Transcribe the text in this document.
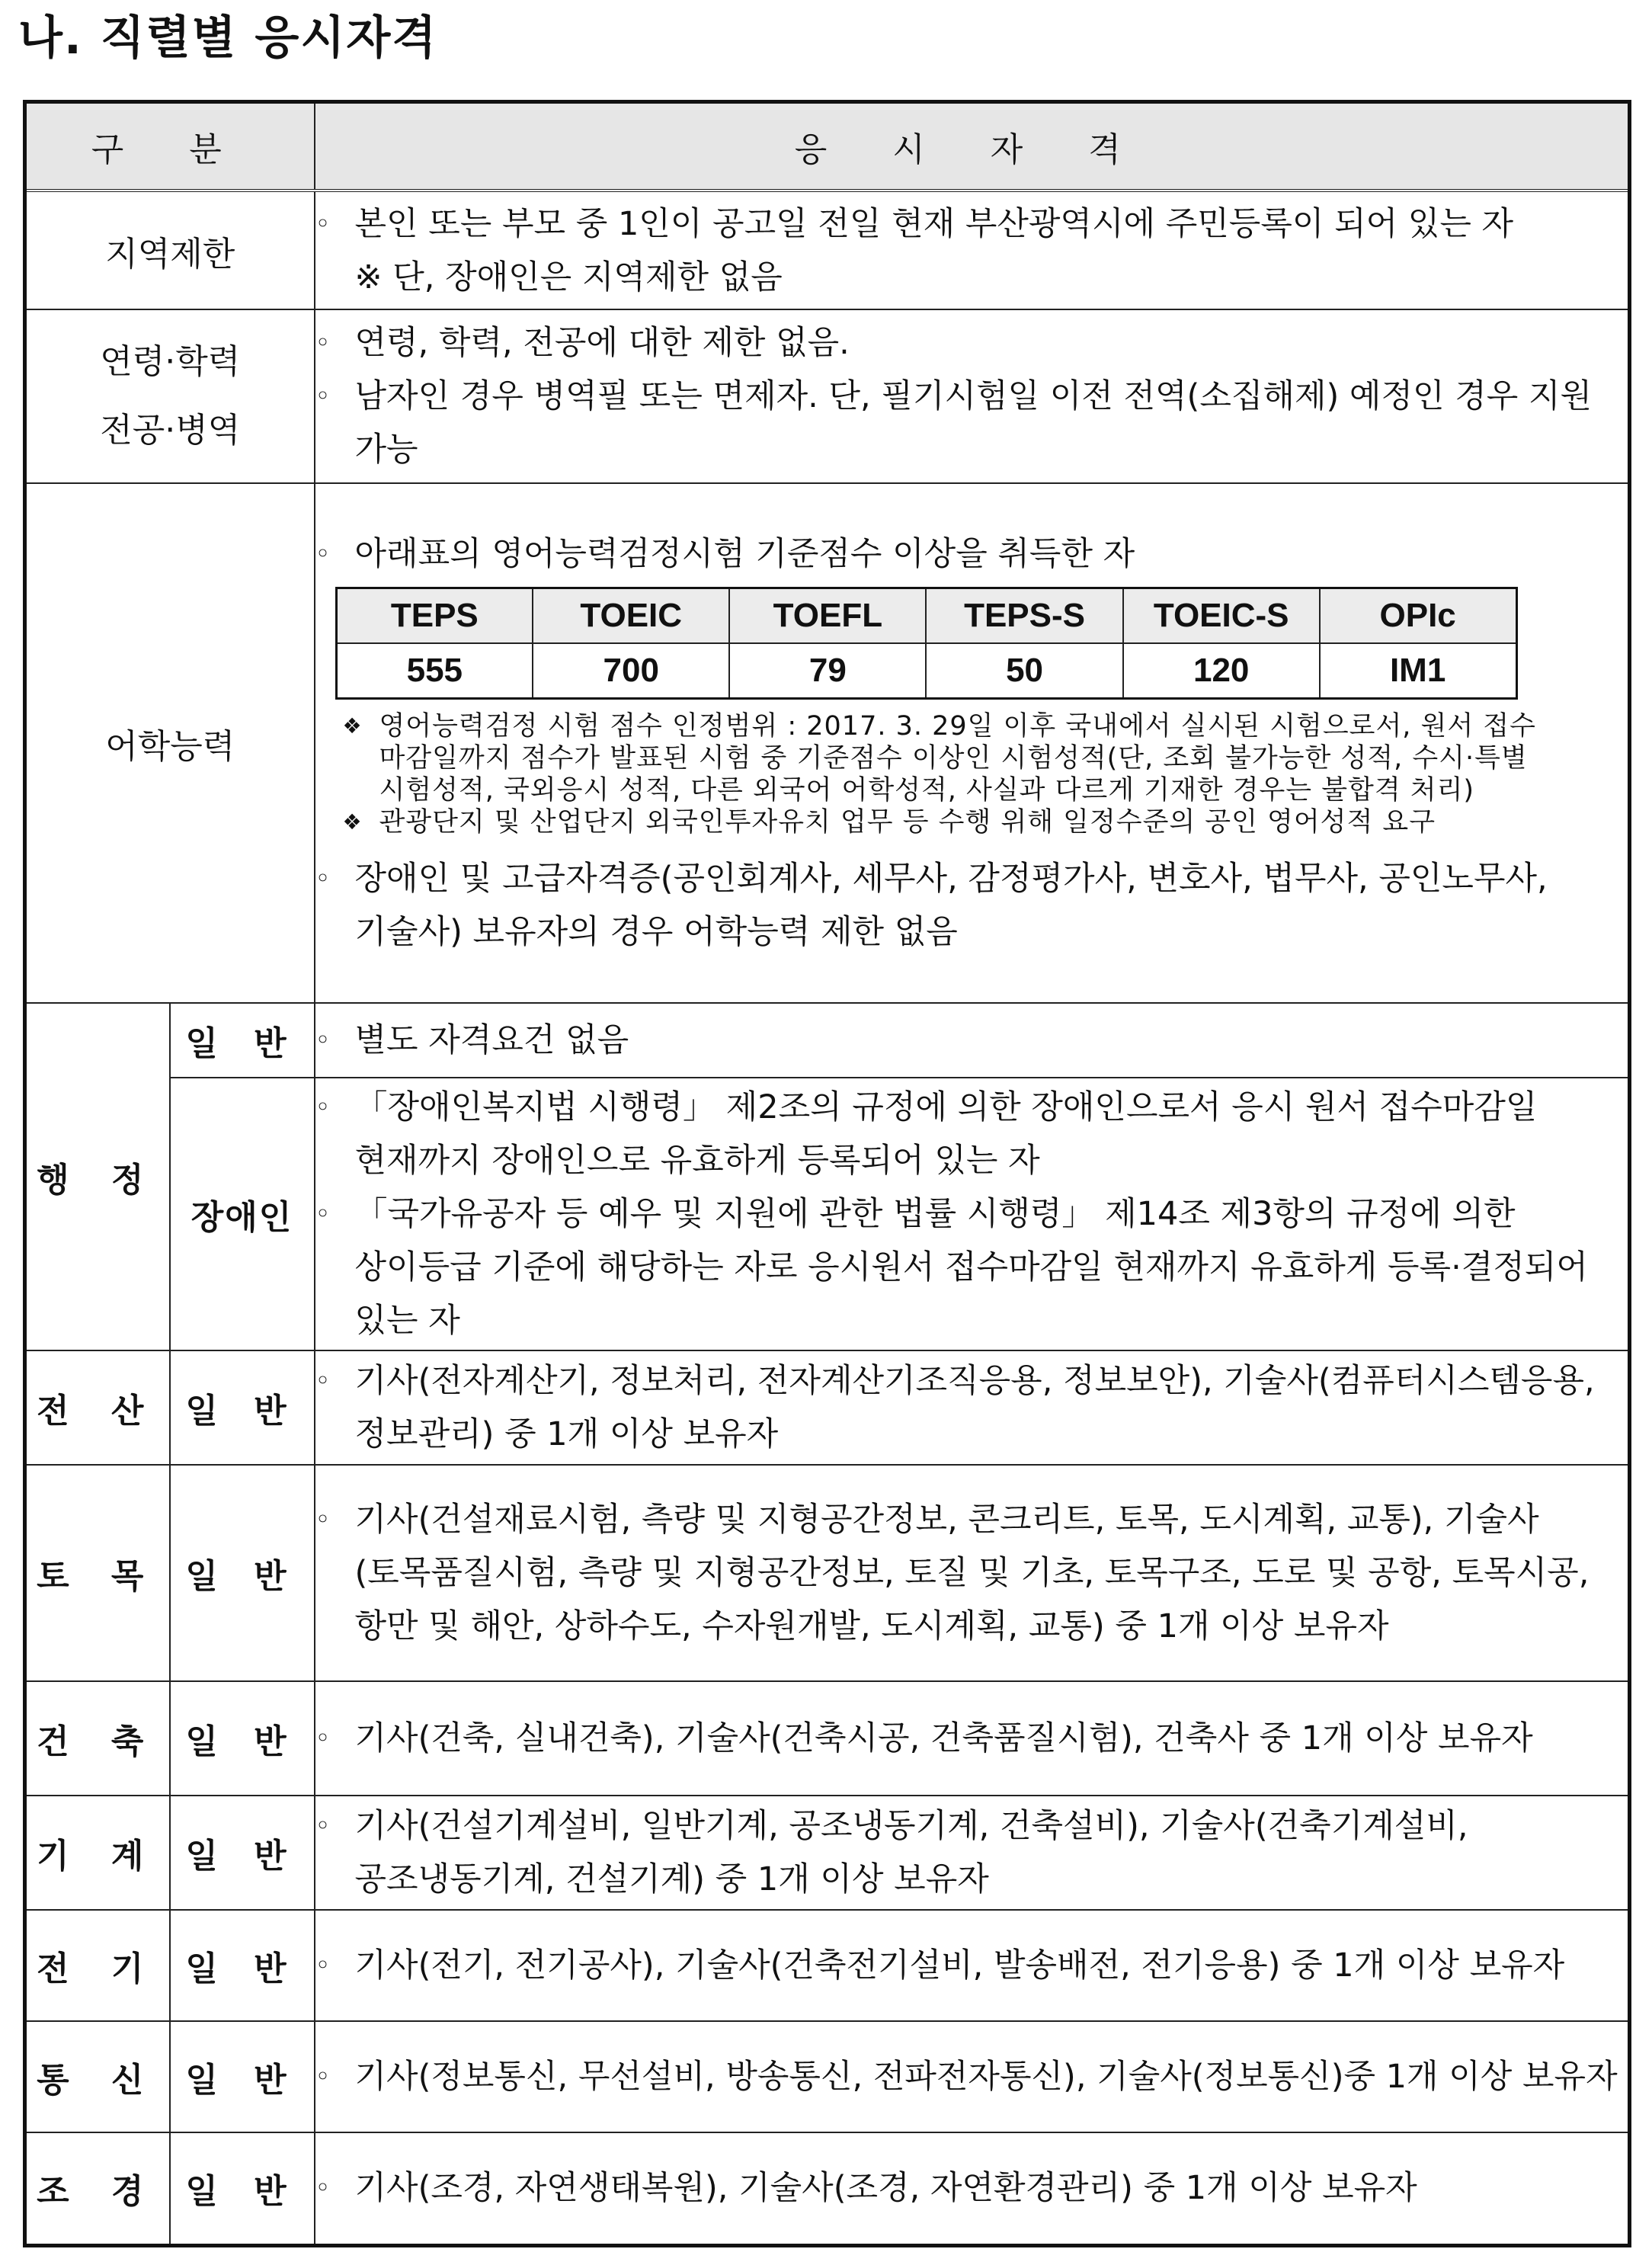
나. 직렬별 응시자격
구 분	응 시 자 격
지역제한	
◦ 본인 또는 부모 중 1인이 공고일 전일 현재 부산광역시에 주민등록이 되어 있는 자
※ 단, 장애인은 지역제한 없음

연령·학력
전공·병역

◦ 연령, 학력, 전공에 대한 제한 없음.
◦ 남자인 경우 병역필 또는 면제자. 단, 필기시험일 이전 전역(소집해제) 예정인 경우 지원 가능

어학능력	
◦ 아래표의 영어능력검정시험 기준점수 이상을 취득한 자
TEPS	TOEIC	TOEFL	TEPS-S	TOEIC-S	OPIc
555	700	79	50	120	IM1
❖ 영어능력검정 시험 점수 인정범위 : 2017. 3. 29일 이후 국내에서 실시된 시험으로서, 원서 접수 마감일까지 점수가 발표된 시험 중 기준점수 이상인 시험성적(단, 조회 불가능한 성적, 수시·특별 시험성적, 국외응시 성적, 다른 외국어 어학성적, 사실과 다르게 기재한 경우는 불합격 처리)
❖ 관광단지 및 산업단지 외국인투자유치 업무 등 수행 위해 일정수준의 공인 영어성적 요구
◦ 장애인 및 고급자격증(공인회계사, 세무사, 감정평가사, 변호사, 법무사, 공인노무사, 기술사) 보유자의 경우 어학능력 제한 없음

행 정	일 반	◦ 별도 자격요건 없음

장애인	
◦ 「장애인복지법 시행령」 제2조의 규정에 의한 장애인으로서 응시 원서 접수마감일 현재까지 장애인으로 유효하게 등록되어 있는 자
◦ 「국가유공자 등 예우 및 지원에 관한 법률 시행령」 제14조 제3항의 규정에 의한 상이등급 기준에 해당하는 자로 응시원서 접수마감일 현재까지 유효하게 등록·결정되어 있는 자

전 산	일 반	
◦ 기사(전자계산기, 정보처리, 전자계산기조직응용, 정보보안), 기술사(컴퓨터시스템응용, 정보관리) 중 1개 이상 보유자

토 목	일 반	
◦ 기사(건설재료시험, 측량 및 지형공간정보, 콘크리트, 토목, 도시계획, 교통), 기술사(토목품질시험, 측량 및 지형공간정보, 토질 및 기초, 토목구조, 도로 및 공항, 토목시공, 항만 및 해안, 상하수도, 수자원개발, 도시계획, 교통) 중 1개 이상 보유자

건 축	일 반	◦ 기사(건축, 실내건축), 기술사(건축시공, 건축품질시험), 건축사 중 1개 이상 보유자

기 계	일 반	
◦ 기사(건설기계설비, 일반기계, 공조냉동기계, 건축설비), 기술사(건축기계설비, 공조냉동기계, 건설기계) 중 1개 이상 보유자

전 기	일 반	◦ 기사(전기, 전기공사), 기술사(건축전기설비, 발송배전, 전기응용) 중 1개 이상 보유자

통 신	일 반	◦ 기사(정보통신, 무선설비, 방송통신, 전파전자통신), 기술사(정보통신)중 1개 이상 보유자

조 경	일 반	◦ 기사(조경, 자연생태복원), 기술사(조경, 자연환경관리) 중 1개 이상 보유자
